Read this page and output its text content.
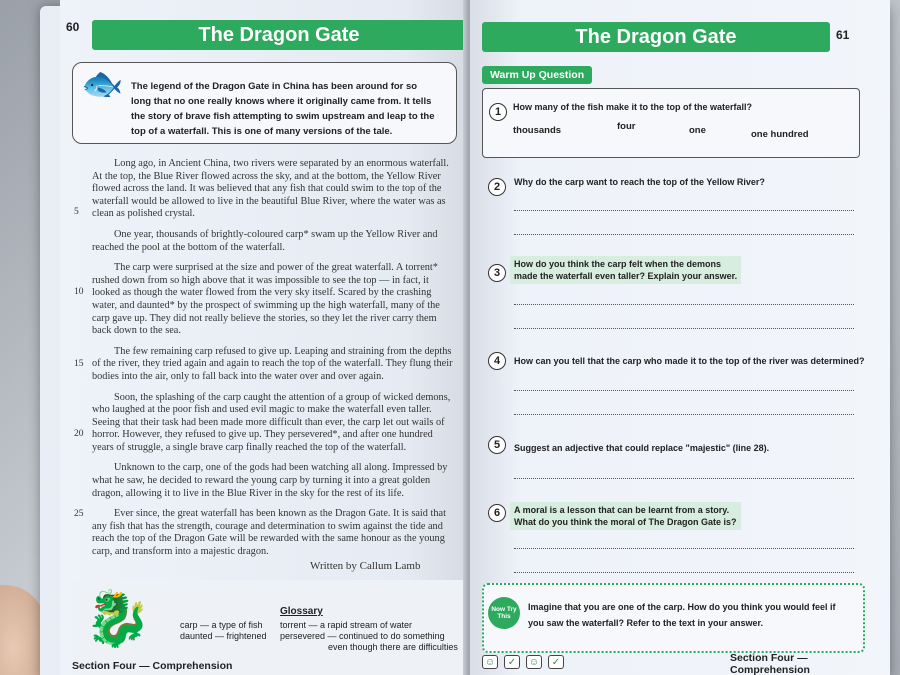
60	The Dragon Gate
🐟 The legend of the Dragon Gate in China has been around for so long that no one really knows where it originally came from. It tells the story of brave fish attempting to swim upstream and leap to the top of a waterfall. This is one of many versions of the tale.

Long ago, in Ancient China, two rivers were separated by an enormous waterfall. At the top, the Blue River flowed across the sky, and at the bottom, the Yellow River flowed across the land. It was believed that any fish that could swim to the top of the waterfall would be allowed to live in the beautiful Blue River, where the water was as clean as polished crystal.
5

One year, thousands of brightly-coloured carp* swam up the Yellow River and reached the pool at the bottom of the waterfall.

The carp were surprised at the size and power of the great waterfall. A torrent* rushed down from so high above that it was impossible to see the top — in fact, it looked as though the water flowed from the very sky itself. Scared by the crashing water, and daunted* by the prospect of swimming up the high waterfall, many of the carp gave up. They did not really believe the stories, so they let the river carry them back down to the sea.
10

The few remaining carp refused to give up. Leaping and straining from the depths of the river, they tried again and again to reach the top of the waterfall. They flung their bodies into the air, only to fall back into the water over and over again.
15

Soon, the splashing of the carp caught the attention of a group of wicked demons, who laughed at the poor fish and used evil magic to make the waterfall even taller. Seeing that their task had been made more difficult than ever, the carp let out wails of horror. However, they refused to give up. They persevered*, and after one hundred years of struggle, a single brave carp finally reached the top of the waterfall.
20

Unknown to the carp, one of the gods had been watching all along. Impressed by what he saw, he decided to reward the young carp by turning it into a great golden dragon, allowing it to live in the Blue River in the sky for the rest of its life.

Ever since, the great waterfall has been known as the Dragon Gate. It is said that any fish that has the strength, courage and determination to swim against the tide and reach the top of the Dragon Gate will be rewarded with the same honour as the young carp, and transform into a majestic dragon.
25

Written by Callum Lamb
🐉	Glossary
carp — a type of fish
daunted — frightened
torrent — a rapid stream of water
persevered — continued to do something
even though there are difficulties
Section Four — Comprehension
The Dragon Gate	61
Warm Up Question
1	How many of the fish make it to the top of the waterfall?
thousands	four	one	one hundred
2	Why do the carp want to reach the top of the Yellow River?
3
How do you think the carp felt when the demons
made the waterfall even taller? Explain your answer.
4	How can you tell that the carp who made it to the top of the river was determined?
5	Suggest an adjective that could replace "majestic" (line 28).
6	A moral is a lesson that can be learnt from a story.
What do you think the moral of The Dragon Gate is?
Now Try This
Imagine that you are one of the carp. How do you think you would feel if you saw the waterfall? Refer to the text in your answer.
☺	✓	☺	✓	Section Four — Comprehension
